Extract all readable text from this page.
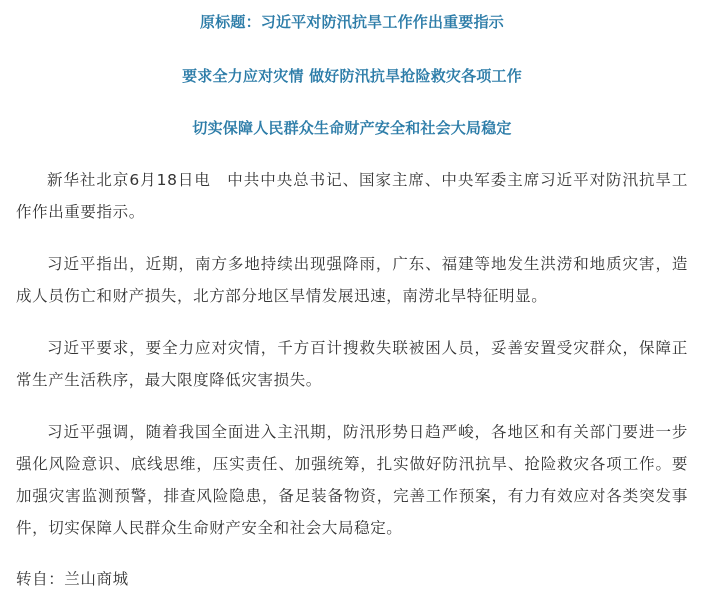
原标题：习近平对防汛抗旱工作作出重要指示
要求全力应对灾情 做好防汛抗旱抢险救灾各项工作
切实保障人民群众生命财产安全和社会大局稳定

新华社北京6月18日电　中共中央总书记、国家主席、中央军委主席习近平对防汛抗旱工作作出重要指示。

习近平指出，近期，南方多地持续出现强降雨，广东、福建等地发生洪涝和地质灾害，造成人员伤亡和财产损失，北方部分地区旱情发展迅速，南涝北旱特征明显。

习近平要求，要全力应对灾情，千方百计搜救失联被困人员，妥善安置受灾群众，保障正常生产生活秩序，最大限度降低灾害损失。

习近平强调，随着我国全面进入主汛期，防汛形势日趋严峻，各地区和有关部门要进一步强化风险意识、底线思维，压实责任、加强统筹，扎实做好防汛抗旱、抢险救灾各项工作。要加强灾害监测预警，排查风险隐患，备足装备物资，完善工作预案，有力有效应对各类突发事件，切实保障人民群众生命财产安全和社会大局稳定。

转自：兰山商城
